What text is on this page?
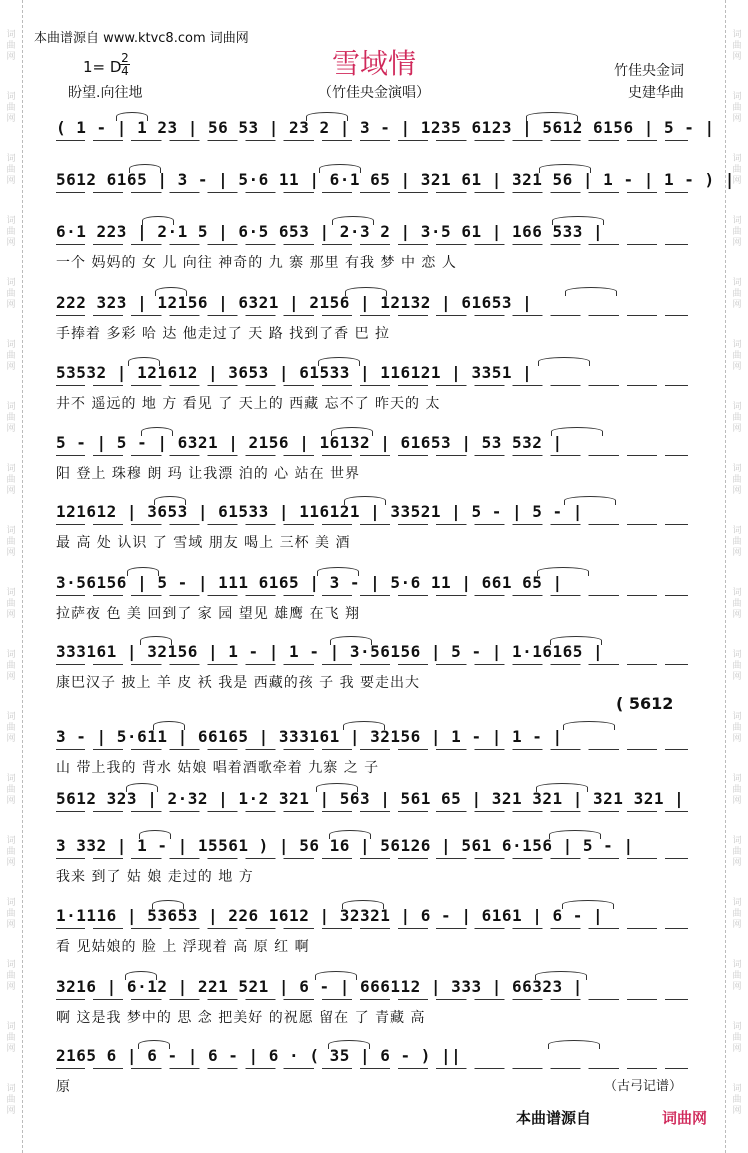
本曲谱源自 www.ktvc8.com 词曲网
雪域情
（竹佳央金演唱）
1= D
$\frac{2}{4}$
盼望.向往地
竹佳央金词
史建华曲
( 1 - | 1 23 | 56 53 | 23 2 | 3 - | 1235 6123 | 5612 6156 | 5 - |
5612 6165 | 3 - | 5·6 11 | 6·1 65 | 321 61 | 321 56 | 1 - | 1 - ) |
6·1 223 | 2·1 5 | 6·5 653 | 2·3 2 | 3·5 61 | 166 533 |
一个 妈妈的 女 儿 向往 神奇的 九 寨 那里 有我 梦 中 恋 人
222 323 | 12156 | 6321 | 2156 | 12132 | 61653 |
手捧着 多彩 哈 达 他走过了 天 路 找到了香 巴 拉
53532 | 121612 | 3653 | 61533 | 116121 | 3351 |
井不 遥远的 地 方 看见 了 天上的 西藏 忘不了 昨天的 太
5 - | 5 - | 6321 | 2156 | 16132 | 61653 | 53 532 |
阳 登上 珠穆 朗 玛 让我漂 泊的 心 站在 世界
121612 | 3653 | 61533 | 116121 | 33521 | 5 - | 5 - |
最 高 处 认识 了 雪域 朋友 喝上 三杯 美 酒
3·56156 | 5 - | 111 6165 | 3 - | 5·6 11 | 661 65 |
拉萨夜 色 美 回到了 家 园 望见 雄鹰 在飞 翔
333161 | 32156 | 1 - | 1 - | 3·56156 | 5 - | 1·16165 |
康巴汉子 披上 羊 皮 袄 我是 西藏的孩 子 我 要走出大
3 - | 5·611 | 66165 | 333161 | 32156 | 1 - | 1 - |
山 带上我的 背水 姑娘 唱着酒歌牵着 九寨 之 子
5612 323 | 2·32 | 1·2 321 | 563 | 561 65 | 321 321 | 321 321 |
3 332 | 1 - | 15561 ) | 56 16 | 56126 | 561 6·156 | 5 - |
我来 到了 姑 娘 走过的 地 方
1·1116 | 53653 | 226 1612 | 32321 | 6 - | 6161 | 6 - |
看 见姑娘的 脸 上 浮现着 高 原 红 啊
3216 | 6·12 | 221 521 | 6 - | 666112 | 333 | 66323 |
啊 这是我 梦中的 思 念 把美好 的祝愿 留在 了 青藏 高
2165 6 | 6 - | 6 - | 6 · ( 35 | 6 - ) ||
原
( 5612
（古弓记谱）
本曲谱源自	词曲网
词曲网
词曲网
词曲网
词曲网
词曲网
词曲网
词曲网
词曲网
词曲网
词曲网
词曲网
词曲网
词曲网
词曲网
词曲网
词曲网
词曲网
词曲网
词曲网
词曲网
词曲网
词曲网
词曲网
词曲网
词曲网
词曲网
词曲网
词曲网
词曲网
词曲网
词曲网
词曲网
词曲网
词曲网
词曲网
词曲网
